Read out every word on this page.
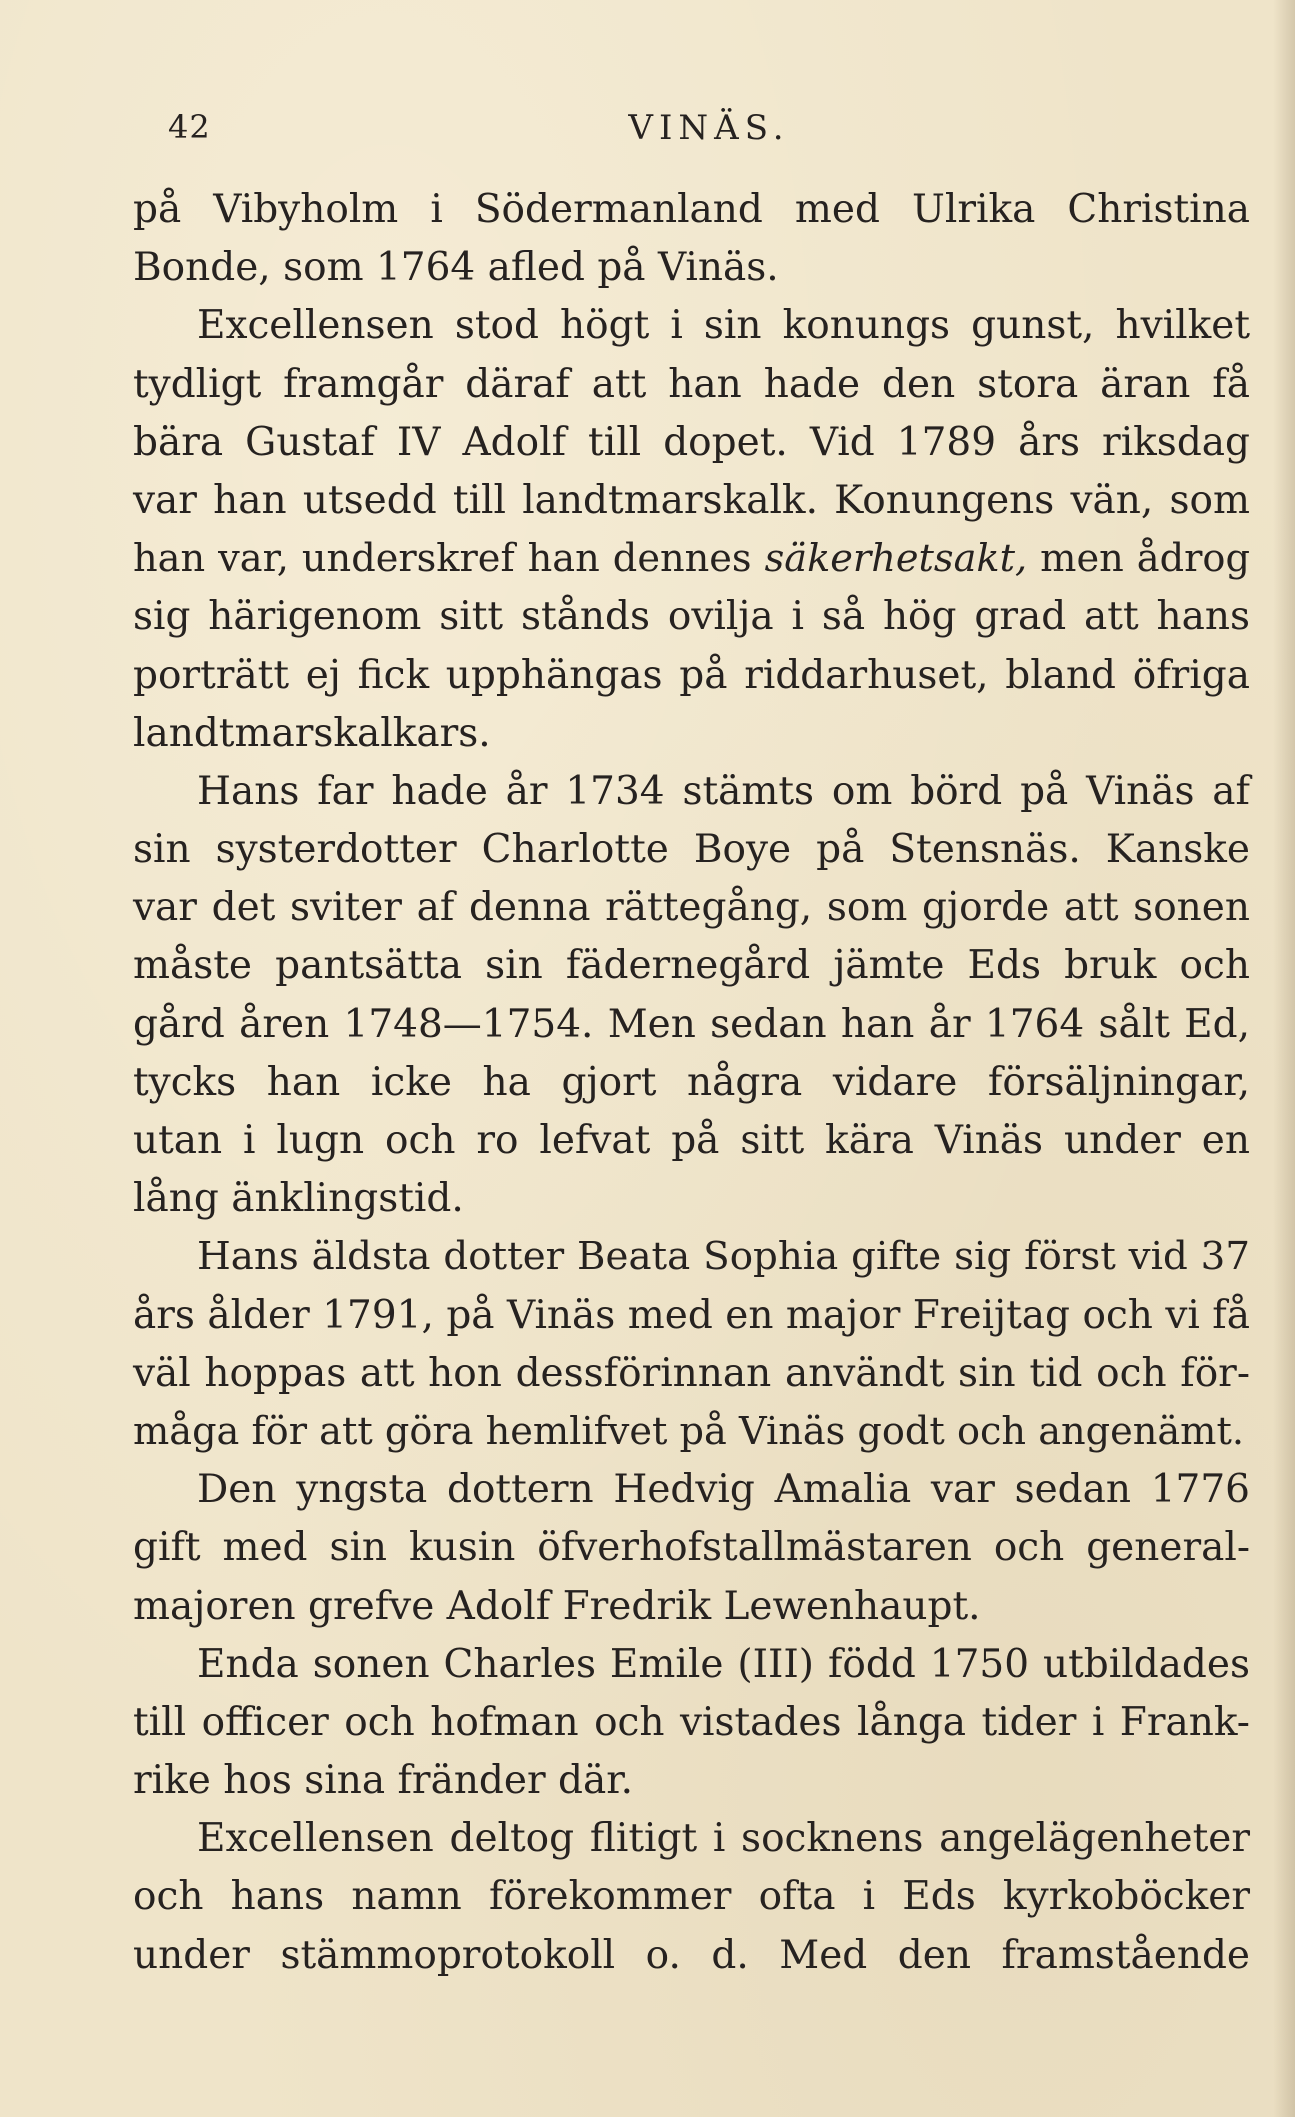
42	VINÄS.
på Vibyholm i Södermanland med Ulrika Christina
Bonde, som 1764 afled på Vinäs.
Excellensen stod högt i sin konungs gunst, hvilket
tydligt framgår däraf att han hade den stora äran få
bära Gustaf IV Adolf till dopet. Vid 1789 års riksdag
var han utsedd till landtmarskalk. Konungens vän, som
han var, underskref han dennes säkerhetsakt, men ådrog
sig härigenom sitt stånds ovilja i så hög grad att hans
porträtt ej fick upphängas på riddarhuset, bland öfriga
landtmarskalkars.
Hans far hade år 1734 stämts om börd på Vinäs af
sin systerdotter Charlotte Boye på Stensnäs. Kanske
var det sviter af denna rättegång, som gjorde att sonen
måste pantsätta sin fädernegård jämte Eds bruk och
gård åren 1748—1754. Men sedan han år 1764 sålt Ed,
tycks han icke ha gjort några vidare försäljningar,
utan i lugn och ro lefvat på sitt kära Vinäs under en
lång änklingstid.
Hans äldsta dotter Beata Sophia gifte sig först vid 37
års ålder 1791, på Vinäs med en major Freijtag och vi få
väl hoppas att hon dessförinnan användt sin tid och för-
måga för att göra hemlifvet på Vinäs godt och angenämt.
Den yngsta dottern Hedvig Amalia var sedan 1776
gift med sin kusin öfverhofstallmästaren och general-
majoren grefve Adolf Fredrik Lewenhaupt.
Enda sonen Charles Emile (III) född 1750 utbildades
till officer och hofman och vistades långa tider i Frank-
rike hos sina fränder där.
Excellensen deltog flitigt i socknens angelägenheter
och hans namn förekommer ofta i Eds kyrkoböcker
under stämmoprotokoll o. d. Med den framstående
